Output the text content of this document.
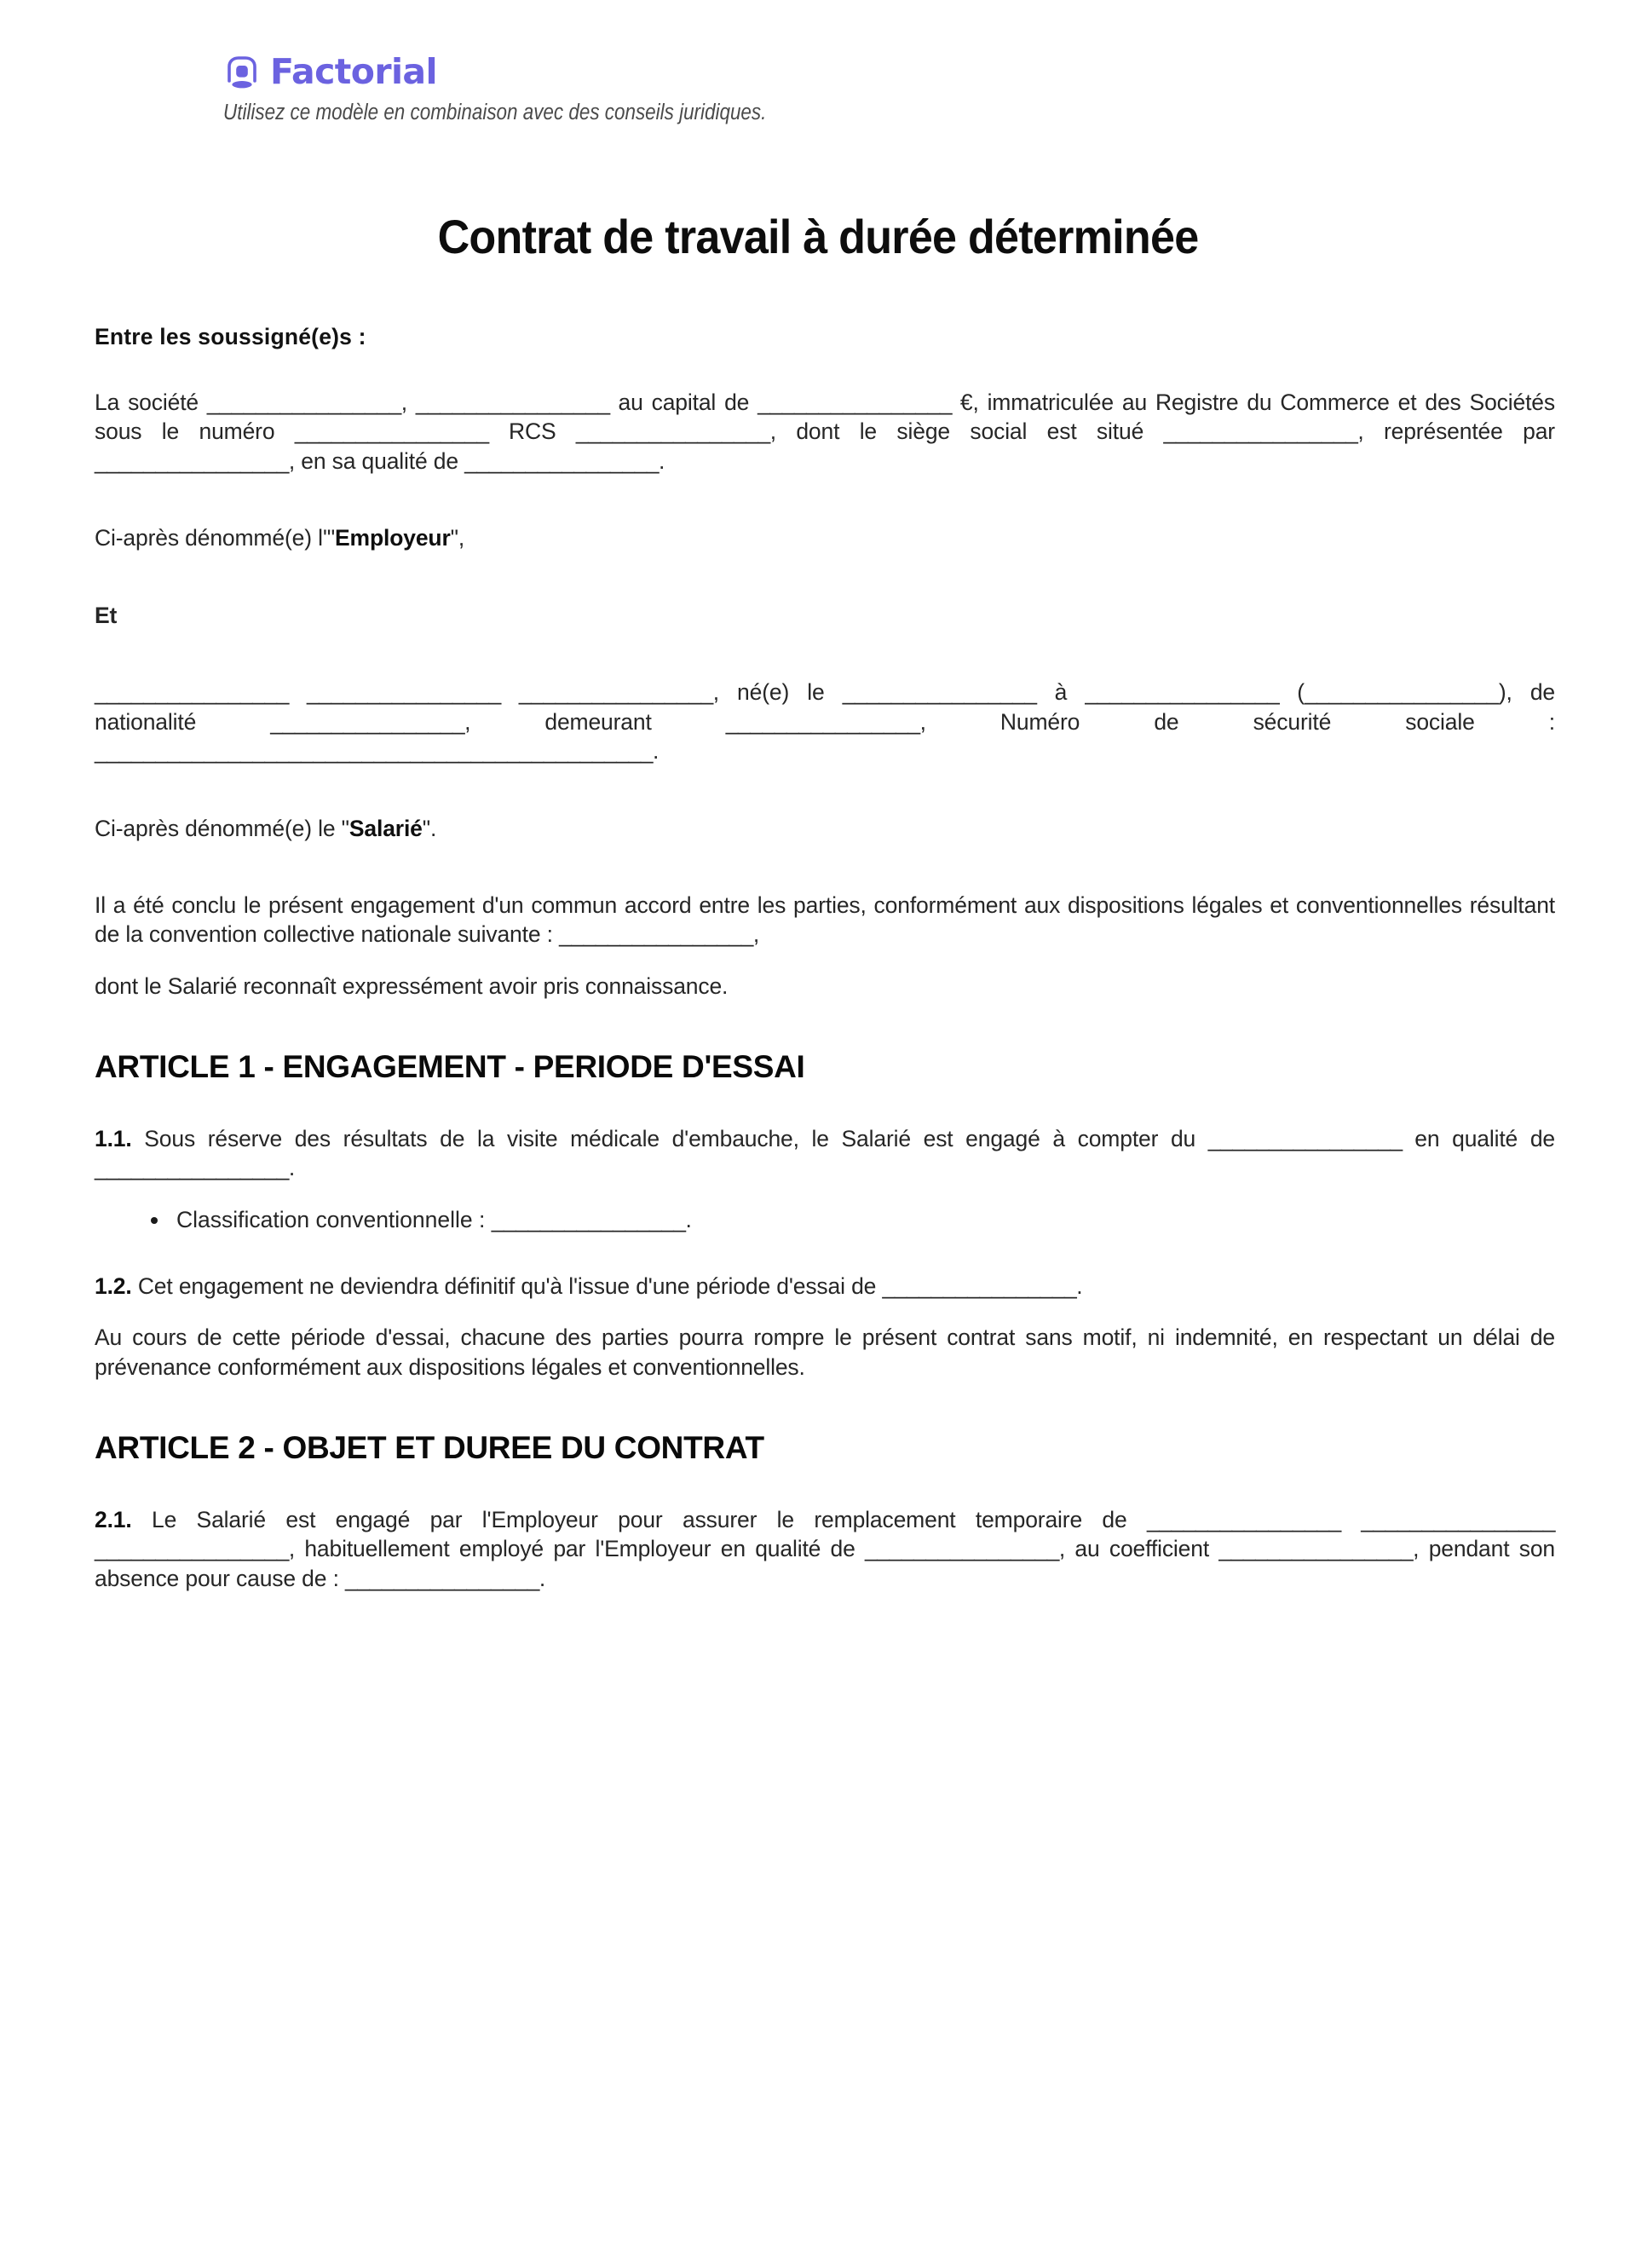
Factorial
Utilisez ce modèle en combinaison avec des conseils juridiques.
Contrat de travail à durée déterminée
Entre les soussigné(e)s :

La société ________________, ________________ au capital de ________________ €, immatriculée au Registre du Commerce et des Sociétés sous le numéro ________________ RCS ________________, dont le siège social est situé ________________, représentée par ________________, en sa qualité de ________________.

Ci-après dénommé(e) l'"Employeur",

Et

________________ ________________ ________________, né(e) le ________________ à ________________ (________________), de nationalité ________________, demeurant ________________, Numéro de sécurité sociale : ______________________________________________.

Ci-après dénommé(e) le "Salarié".

Il a été conclu le présent engagement d'un commun accord entre les parties, conformément aux dispositions légales et conventionnelles résultant de la convention collective nationale suivante : ________________,

dont le Salarié reconnaît expressément avoir pris connaissance.

ARTICLE 1 - ENGAGEMENT - PERIODE D'ESSAI

1.1. Sous réserve des résultats de la visite médicale d'embauche, le Salarié est engagé à compter du ________________ en qualité de ________________.

Classification conventionnelle : ________________.

1.2. Cet engagement ne deviendra définitif qu'à l'issue d'une période d'essai de ________________.

Au cours de cette période d'essai, chacune des parties pourra rompre le présent contrat sans motif, ni indemnité, en respectant un délai de prévenance conformément aux dispositions légales et conventionnelles.

ARTICLE 2 - OBJET ET DUREE DU CONTRAT

2.1. Le Salarié est engagé par l'Employeur pour assurer le remplacement temporaire de ________________ ________________ ________________, habituellement employé par l'Employeur en qualité de ________________, au coefficient ________________, pendant son absence pour cause de : ________________.
